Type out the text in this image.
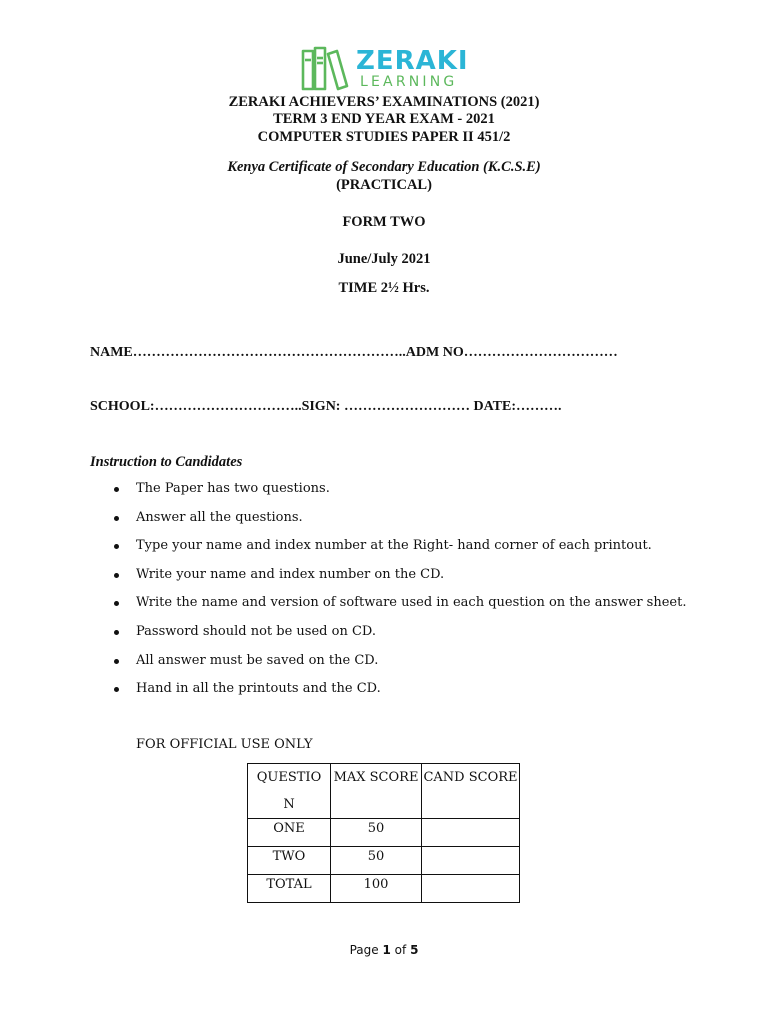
ZERAKI
LEARNING
ZERAKI ACHIEVERS’ EXAMINATIONS (2021)
TERM 3 END YEAR EXAM - 2021
COMPUTER STUDIES PAPER II 451/2
Kenya Certificate of Secondary Education (K.C.S.E)
(PRACTICAL)
FORM TWO
June/July 2021
TIME 2½ Hrs.
NAME…………………………………………………..ADM NO……………………………
SCHOOL:…………………………..SIGN: ……………………… DATE:……….
Instruction to Candidates
The Paper has two questions.
Answer all the questions.
Type your name and index number at the Right- hand corner of each printout.
Write your name and index number on the CD.
Write the name and version of software used in each question on the answer sheet.
Password should not be used on CD.
All answer must be saved on the CD.
Hand in all the printouts and the CD.
FOR OFFICIAL USE ONLY
QUESTIO
N	MAX SCORE	CAND SCORE
ONE	50	
TWO	50	
TOTAL	100	
Page 1 of 5
